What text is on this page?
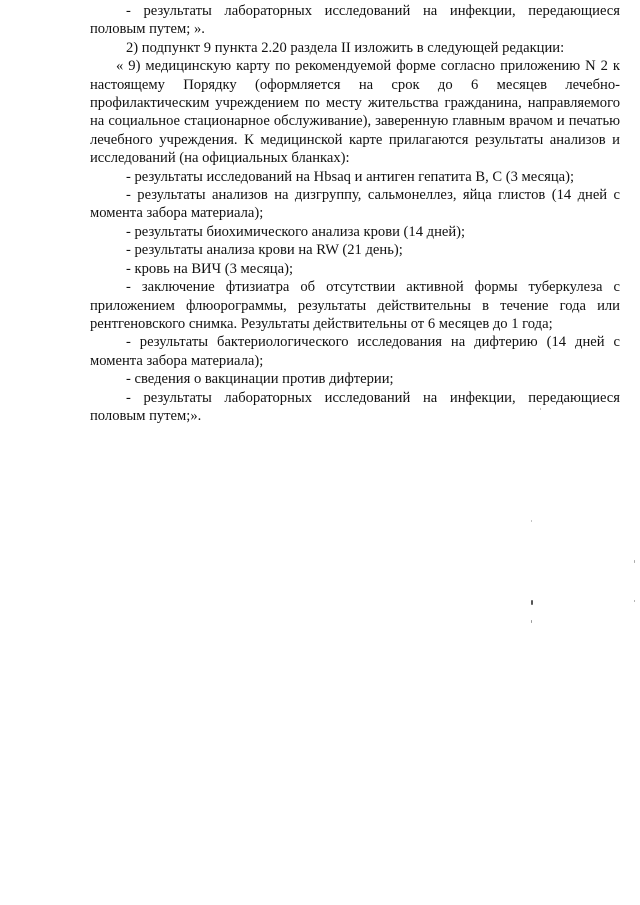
- результаты лабораторных исследований на инфекции, передающиеся половым путем; ».

2) подпункт 9 пункта 2.20 раздела II изложить в следующей редакции:

« 9) медицинскую карту по рекомендуемой форме согласно приложению N 2 к настоящему Порядку (оформляется на срок до 6 месяцев лечебно-профилактическим учреждением по месту жительства гражданина, направляемого на социальное стационарное обслуживание), заверенную главным врачом и печатью лечебного учреждения. К медицинской карте прилагаются результаты анализов и исследований (на официальных бланках):

- результаты исследований на Hbsaq и антиген гепатита B, C (3 месяца);

- результаты анализов на дизгруппу, сальмонеллез, яйца глистов (14 дней с момента забора материала);

- результаты биохимического анализа крови (14 дней);

- результаты анализа крови на RW (21 день);

- кровь на ВИЧ (3 месяца);

- заключение фтизиатра об отсутствии активной формы туберкулеза с приложением флюорограммы, результаты действительны в течение года или рентгеновского снимка. Результаты действительны от 6 месяцев до 1 года;

- результаты бактериологического исследования на дифтерию (14 дней с момента забора материала);

- сведения о вакцинации против дифтерии;

- результаты лабораторных исследований на инфекции, передающиеся половым путем;».
